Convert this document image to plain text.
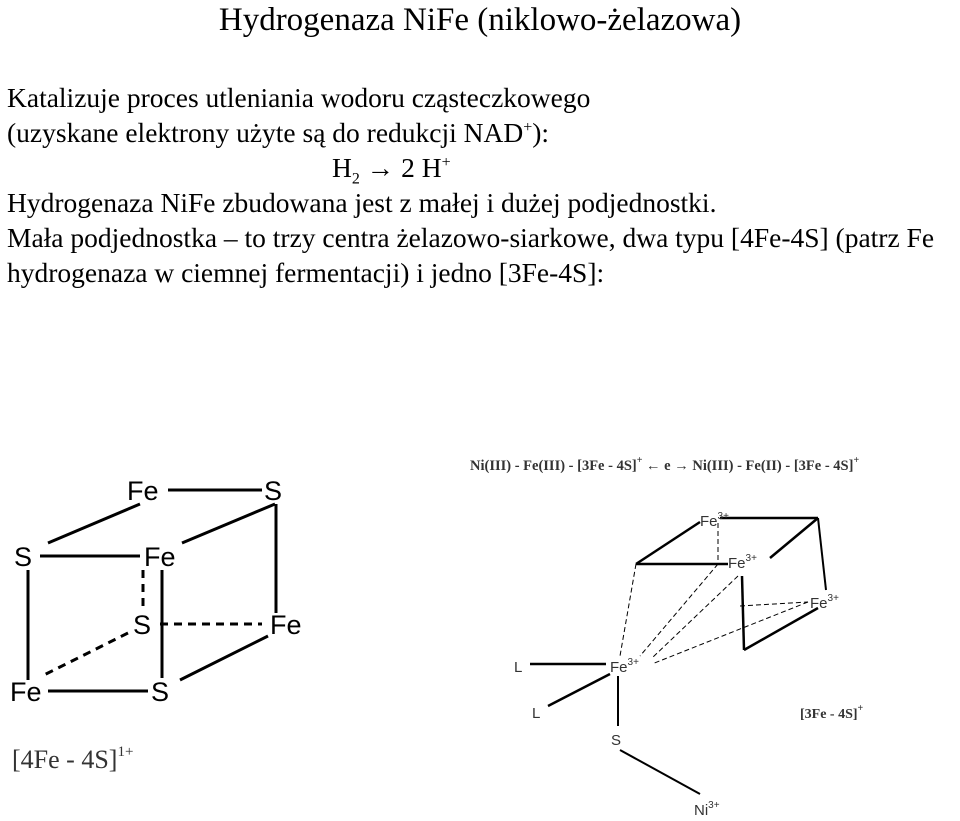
Hydrogenaza NiFe (niklowo-żelazowa)

Katalizuje proces utleniania wodoru cząsteczkowego

(uzyskane elektrony użyte są do redukcji NAD+):

$H_2 \to 2$ H+

Hydrogenaza NiFe zbudowana jest z małej i dużej podjednostki.

Mała podjednostka – to trzy centra żelazowo-siarkowe, dwa typu [4Fe-4S] (patrz Fe hydrogenaza w ciemnej fermentacji) i jedno [3Fe-4S]:

Fe	S
S	Fe
S	Fe
Fe	S
[4Fe - 4S]$^{1+}$
Ni(III) - Fe(III) - [3Fe - 4S]+ ← e → Ni(III) - Fe(II) - [3Fe - 4S]+
$Fe^{3+}$
$Fe^{3+}$
$Fe^{3+}$
$Fe^{3+}$
L
L
S
$Ni^{3+}$
[3Fe - 4S]+
